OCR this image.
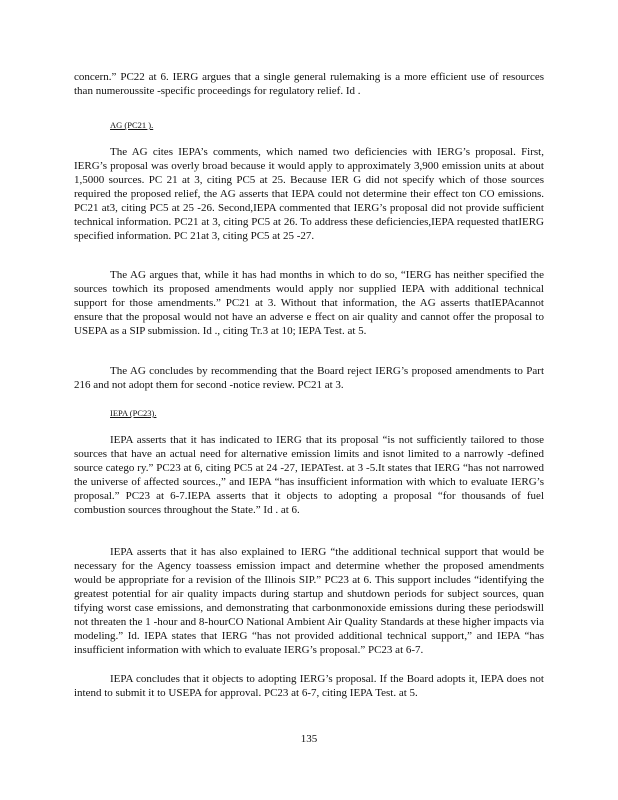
concern.” PC22 at 6. IERG argues that a single general rulemaking is a more efficient use of resources than numeroussite -specific proceedings for regulatory relief. Id .

AG (PC21 ).

The AG cites IEPA’s comments, which named two deficiencies with IERG’s proposal. First, IERG’s proposal was overly broad because it would apply to approximately 3,900 emission units at about 1,5000 sources. PC 21 at 3, citing PC5 at 25. Because IER G did not specify which of those sources required the proposed relief, the AG asserts that IEPA could not determine their effect ton CO emissions. PC21 at3, citing PC5 at 25 -26. Second,IEPA commented that IERG’s proposal did not provide sufficient technical information. PC21 at 3, citing PC5 at 26. To address these deficiencies,IEPA requested thatIERG specified information. PC 21at 3, citing PC5 at 25 -27.

The AG argues that, while it has had months in which to do so, “IERG has neither specified the sources towhich its proposed amendments would apply nor supplied IEPA with additional technical support for those amendments.” PC21 at 3. Without that information, the AG asserts thatIEPAcannot ensure that the proposal would not have an adverse e ffect on air quality and cannot offer the proposal to USEPA as a SIP submission. Id ., citing Tr.3 at 10; IEPA Test. at 5.

The AG concludes by recommending that the Board reject IERG’s proposed amendments to Part 216 and not adopt them for second -notice review. PC21 at 3.

IEPA (PC23).

IEPA asserts that it has indicated to IERG that its proposal “is not sufficiently tailored to those sources that have an actual need for alternative emission limits and isnot limited to a narrowly -defined source catego ry.” PC23 at 6, citing PC5 at 24 -27, IEPATest. at 3 -5.It states that IERG “has not narrowed the universe of affected sources.,” and IEPA “has insufficient information with which to evaluate IERG’s proposal.” PC23 at 6-7.IEPA asserts that it objects to adopting a proposal “for thousands of fuel combustion sources throughout the State.” Id . at 6.

IEPA asserts that it has also explained to IERG “the additional technical support that would be necessary for the Agency toassess emission impact and determine whether the proposed amendments would be appropriate for a revision of the Illinois SIP.” PC23 at 6. This support includes “identifying the greatest potential for air quality impacts during startup and shutdown periods for subject sources, quan tifying worst case emissions, and demonstrating that carbonmonoxide emissions during these periodswill not threaten the 1 -hour and 8-hourCO National Ambient Air Quality Standards at these higher impacts via modeling.” Id. IEPA states that IERG “has not provided additional technical support,” and IEPA “has insufficient information with which to evaluate IERG’s proposal.” PC23 at 6-7.

IEPA concludes that it objects to adopting IERG’s proposal. If the Board adopts it, IEPA does not intend to submit it to USEPA for approval. PC23 at 6-7, citing IEPA Test. at 5.

135
